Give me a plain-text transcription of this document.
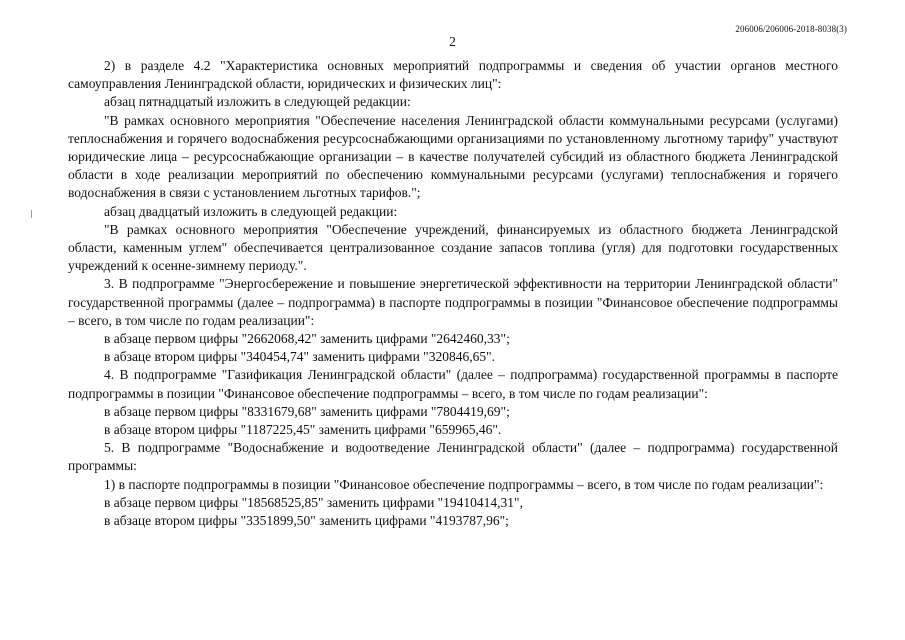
206006/206006-2018-8038(3)
2

2) в разделе 4.2 "Характеристика основных мероприятий подпрограммы и сведения об участии органов местного самоуправления Ленинградской области, юридических и физических лиц":

абзац пятнадцатый изложить в следующей редакции:

"В рамках основного мероприятия "Обеспечение населения Ленинградской области коммунальными ресурсами (услугами) теплоснабжения и горячего водоснабжения ресурсоснабжающими организациями по установленному льготному тарифу" участвуют юридические лица – ресурсоснабжающие организации – в качестве получателей субсидий из областного бюджета Ленинградской области в ходе реализации мероприятий по обеспечению коммунальными ресурсами (услугами) теплоснабжения и горячего водоснабжения в связи с установлением льготных тарифов.";

абзац двадцатый изложить в следующей редакции:

"В рамках основного мероприятия "Обеспечение учреждений, финансируемых из областного бюджета Ленинградской области, каменным углем" обеспечивается централизованное создание запасов топлива (угля) для подготовки государственных учреждений к осенне-зимнему периоду.".

3. В подпрограмме "Энергосбережение и повышение энергетической эффективности на территории Ленинградской области" государственной программы (далее – подпрограмма) в паспорте подпрограммы в позиции "Финансовое обеспечение подпрограммы – всего, в том числе по годам реализации":

в абзаце первом цифры "2662068,42" заменить цифрами "2642460,33";

в абзаце втором цифры "340454,74" заменить цифрами "320846,65".

4. В подпрограмме "Газификация Ленинградской области" (далее – подпрограмма) государственной программы в паспорте подпрограммы в позиции "Финансовое обеспечение подпрограммы – всего, в том числе по годам реализации":

в абзаце первом цифры "8331679,68" заменить цифрами "7804419,69";

в абзаце втором цифры "1187225,45" заменить цифрами "659965,46".

5. В подпрограмме "Водоснабжение и водоотведение Ленинградской области" (далее – подпрограмма) государственной программы:

1) в паспорте подпрограммы в позиции "Финансовое обеспечение подпрограммы – всего, в том числе по годам реализации":

в абзаце первом цифры "18568525,85" заменить цифрами "19410414,31",

в абзаце втором цифры "3351899,50" заменить цифрами "4193787,96";
